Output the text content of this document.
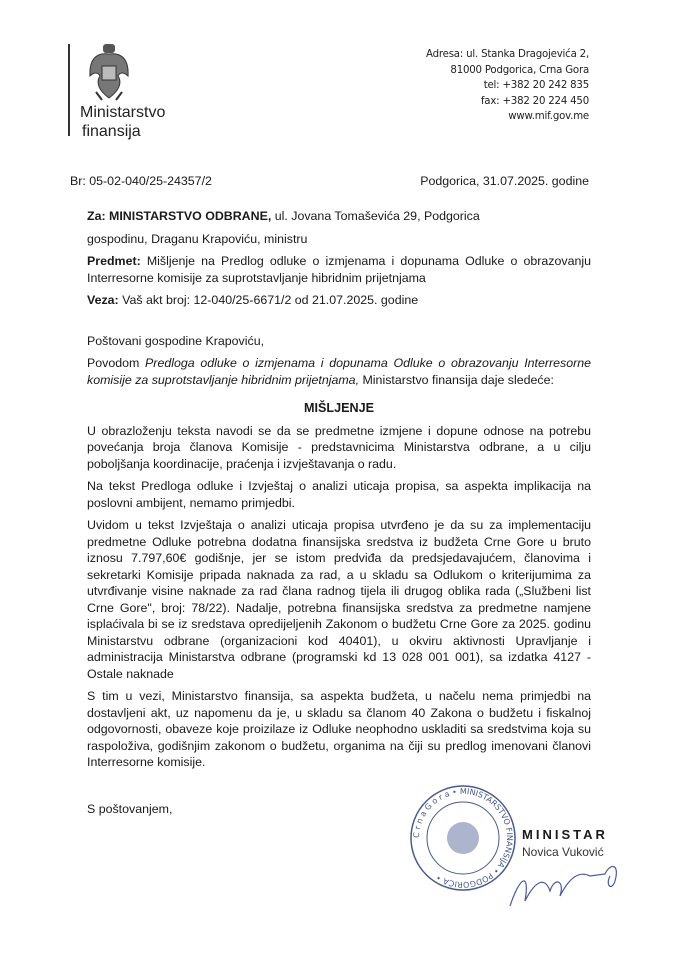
Ministarstvo
finansija
Adresa: ul. Stanka Dragojevića 2,
81000 Podgorica, Crna Gora
tel: +382 20 242 835
fax: +382 20 224 450
www.mif.gov.me
Br: 05-02-040/25-24357/2	Podgorica, 31.07.2025. godine
Za: MINISTARSTVO ODBRANE, ul. Jovana Tomaševića 29, Podgorica
gospodinu, Draganu Krapoviću, ministru
Predmet: Mišljenje na Predlog odluke o izmjenama i dopunama Odluke o obrazovanju Interresorne komisije za suprotstavljanje hibridnim prijetnjama
Veza: Vaš akt broj: 12-040/25-6671/2 od 21.07.2025. godine
Poštovani gospodine Krapoviću,
Povodom Predloga odluke o izmjenama i dopunama Odluke o obrazovanju Interresorne komisije za suprotstavljanje hibridnim prijetnjama, Ministarstvo finansija daje sledeće:
MIŠLJENJE
U obrazloženju teksta navodi se da se predmetne izmjene i dopune odnose na potrebu povećanja broja članova Komisije - predstavnicima Ministarstva odbrane, a u cilju poboljšanja koordinacije, praćenja i izvještavanja o radu.
Na tekst Predloga odluke i Izvještaj o analizi uticaja propisa, sa aspekta implikacija na poslovni ambijent, nemamo primjedbi.
Uvidom u tekst Izvještaja o analizi uticaja propisa utvrđeno je da su za implementaciju predmetne Odluke potrebna dodatna finansijska sredstva iz budžeta Crne Gore u bruto iznosu 7.797,60€ godišnje, jer se istom predviđa da predsjedavajućem, članovima i sekretarki Komisije pripada naknada za rad, a u skladu sa Odlukom o kriterijumima za utvrđivanje visine naknade za rad člana radnog tijela ili drugog oblika rada („Službeni list Crne Gore", broj: 78/22). Nadalje, potrebna finansijska sredstva za predmetne namjene isplaćivala bi se iz sredstava opredijeljenih Zakonom o budžetu Crne Gore za 2025. godinu Ministarstvu odbrane (organizacioni kod 40401), u okviru aktivnosti Upravljanje i administracija Ministarstva odbrane (programski kd 13 028 001 001), sa izdatka 4127 - Ostale naknade
S tim u vezi, Ministarstvo finansija, sa aspekta budžeta, u načelu nema primjedbi na dostavljeni akt, uz napomenu da je, u skladu sa članom 40 Zakona o budžetu i fiskalnoj odgovornosti, obaveze koje proizilaze iz Odluke neophodno uskladiti sa sredstvima koja su raspoloživa, godišnjim zakonom o budžetu, organima na čiji su predlog imenovani članovi Interresorne komisije.
S poštovanjem,
C r n a G o r a • MINISTARSTVO FINANSIJA • PODGORICA •
MINISTAR
Novica Vuković
